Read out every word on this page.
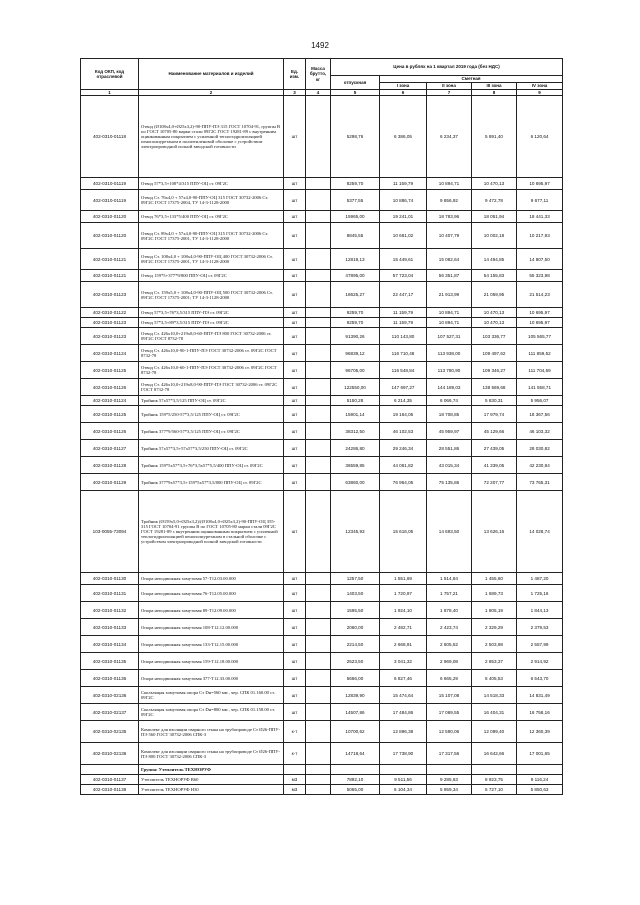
1492
Код ОКП, код отраслевой	Наименование материалов и изделий	Ед. изм.	Масса брутто, кг	Цена в рублях на 1 квартал 2019 года (без НДС)				
				отпускная	Сметная			
					I зона	II зона	III зона	IV зона
1	2	3	4	5	6	7	8	9
402-0310-01118	Отвод (Ø108х4,0+Ø25х3,2)-90-ППУ-ПЭ 315 ГОСТ 10704-91, группы В по ГОСТ 10705-80 марки стали 09Г2С ГОСТ 19281-89 с внутренним оцинкованным покрытием с усиленной теплогидроизоляцией пенополиуретаном в полиэтиленовой оболочке с устройством электропроводной полной заводской готовности	шт		5298,76	6 386,05	6 234,37	5 891,40	6 120,64
402-0310-01119	Отвод 57*3,5+108*4/315 ППУ-ОЦ ст. 09Г2С	шт		8259,70	11 159,79	10 894,71	10 470,13	10 695,97
402-0310-01119	Отвод Ст. 76х4,0 + 57х4,0-90-ППУ-ОЦ 315 ГОСТ 30732-2006 Ст. 09Г2С ГОСТ 17375-2004, ТУ 14-3-1128-2000	шт		5377,55	10 886,74	9 856,92	9 472,78	9 677,11
402-0310-01120	Отвод 76*3,5+133*5/400 ППУ-ОЦ ст. 09Г2С	шт		15965,00	19 241,01	18 783,96	18 051,94	18 441,33
402-0310-01120	Отвод Ст. 89х4,0 + 57х4,0-90-ППУ-ОЦ 315 ГОСТ 30732-2006 Ст. 09Г2С ГОСТ 17375-2001, ТУ 14-3-1128-2000	шт		8845,55	10 661,02	10 407,79	10 002,18	10 217,93
402-0310-01121	Отвод Ст. 108х4,0 + 108х4,0-90-ППУ-ОЦ 400 ГОСТ 30732-2006 Ст. 09Г2С ГОСТ 17375-2001, ТУ 14-3-1128-2000	шт		12819,13	15 449,61	15 082,64	14 494,85	14 807,50
402-0310-01121	Отвод 159*5+377*9/800 ППУ-ОЦ ст. 09Г2С	шт		47895,00	57 723,04	56 351,87	54 155,83	55 323,98
402-0310-01123	Отвод Ст. 159х5,0 + 108х4,0-90-ППУ-ОЦ 500 ГОСТ 30732-2006 Ст. 09Г2С ГОСТ 17375-2001; ТУ 14-3-1128-2000	шт		18625,27	22 447,17	21 913,99	21 059,95	21 514,23
402-0310-01122	Отвод 57*3,5+76*3,5/315 ППУ-ПЭ ст. 09Г2С	шт		9259,70	11 159,79	10 894,71	10 470,13	10 695,97
402-0310-01123	Отвод 57*3,5+89*3,5/315 ППУ-ПЭ ст. 09Г2С	шт		9259,70	11 159,79	10 894,71	10 470,13	10 695,97
402-0310-01123	Отвод Ст. 426х10,0+219х8,0-60-ППУ-ПЭ 800 ГОСТ 30732-2006 ст. 09Г2С ГОСТ 8732-78	шт		91390,26	110 143,80	107 527,31	103 336,77	105 565,77
402-0310-01124	Отвод Ст. 426х10,0-90-1-ППУ-ПЭ ГОСТ 30732-2006 ст. 09Г2С ГОСТ 8732-78	шт		96839,12	116 710,48	113 938,00	109 497,62	111 859,52
402-0310-01125	Отвод Ст. 426х10,0-60-1-ППУ-ПЭ ГОСТ 30732-2006 ст. 09Г2С ГОСТ 8732-78	шт		96705,00	116 548,84	113 780,90	109 346,27	111 704,59
402-0310-01126	Отвод Ст. 426х10,0+219х8,0-90-ППУ-ПЭ ГОСТ 30732-2006 ст. 09Г2С ГОСТ 8732-78	шт		122550,00	147 697,27	144 189,03	138 569,68	141 558,71
402-0310-01124	Тройник 57х57*3,5/125 ППУ-ОЦ ст. 09Г2С	шт		5150,28	6 214,35	6 066,74	5 830,31	5 956,07
402-0310-01125	Тройник 159*5/250-57*3,5/125 ППУ-ОЦ ст. 09Г2С	шт		15901,14	19 164,05	18 708,85	17 979,74	18 367,56
402-0310-01126	Тройник 377*9/560-57*3,5/125 ППУ-ОЦ ст. 09Г2С	шт		38312,50	46 102,53	45 959,97	45 129,66	46 103,32
402-0310-01127	Тройник 57х57*3,5+57х57*3,5/250 ППУ-ОЦ ст. 09Г2С	шт		24286,80	29 246,34	28 551,86	27 439,05	28 030,82
402-0310-01128	Тройник 159*5х57*3,5+76*3,5х57*5,5/400 ППУ-ОЦ ст. 09Г2С	шт		36559,85	44 061,82	43 015,34	41 339,05	42 230,84
402-0310-01129	Тройник 377*9х57*3,5+159*5х57*3,5/800 ППУ-ОЦ ст. 09Г2С	шт		63860,00	76 964,05	75 135,86	72 207,77	73 765,31
103-0055-73094	Тройник (Ø159х5,0+Ø25х3,2)/(Ø108х4,0+Ø25х3,2)-90-ППУ-ОЦ 355-315 ГОСТ 10704-91 группы В по ГОСТ 10705-80 марки стали 09Г2С ГОСТ 19281-89 с внутренним оцинкованным покрытием с усиленной теплогидроизоляцией пенополиуретаном в стальной оболочке с устройством электропроводной полной заводской готовности	шт		12345,93	15 616,05	14 693,50	13 626,16	14 028,74
402-0310-01130	Опора неподвижная хомутовая 57-Т12.03.00.000	шт		1257,50	1 551,69	1 514,84	1 455,60	1 487,20
402-0310-01131	Опора неподвижная хомутовая 76-Т12.05.00.000	шт		1403,50	1 720,97	1 757,21	1 689,73	1 725,16
402-0310-01132	Опора неподвижная хомутовая 89-Т12.09.00.000	шт		1595,50	1 924,10	1 878,40	1 805,19	1 844,13
402-0310-01133	Опора неподвижная хомутовая 108-Т12.12.00.000	шт		2060,00	2 482,71	2 423,74	2 329,29	2 379,53
402-0310-01134	Опора неподвижная хомутовая 133-Т12.15.00.000	шт		2214,50	2 668,91	2 605,52	2 503,98	2 557,99
402-0310-01135	Опора неподвижная хомутовая 159-Т12.18.00.000	шт		2523,50	3 041,32	2 969,08	2 853,37	2 914,92
402-0310-01136	Опора неподвижная хомутовая 377-Т12.33.00.000	шт		5666,00	6 827,46	6 665,29	6 405,53	6 543,70
402-0310-02136	Скользящая хомутовая опора Ст Dн=560 мм , чер. СПК 01.160.00 ст. 09Г2С	шт		12839,90	15 474,64	15 107,08	14 518,33	14 831,49
402-0310-02137	Скользящая хомутовая опора Ст Dн=800 мм , чер. СПК 01.158.00 ст. 09Г2С	шт		14507,86	17 484,86	17 069,55	16 404,31	16 758,16
402-0310-02135	Комплект для изоляции сварного стыка на трубопроводе Ст Ø26-ППУ-ПЭ 560 ГОСТ 30732-2006 СПК-3	к-т		10700,62	12 896,38	12 590,06	12 099,40	12 360,39
402-0310-02136	Комплект для изоляции сварного стыка на трубопроводе Ст Ø26-ППУ-ПЭ 800 ГОСТ 30732-2006 СПК-3	к-т		14718,64	17 738,90	17 317,56	16 642,66	17 001,65
	Группа: Утеплитель ТЕХНОРУФ							
402-0310-01137	Утеплитель ТЕХНОРУФ В60	м3		7892,10	9 511,56	9 285,63	8 923,75	9 116,24
402-0310-01138	Утеплитель ТЕХНОРУФ Н30	м3		5065,00	6 104,34	5 959,34	5 727,10	5 850,63
